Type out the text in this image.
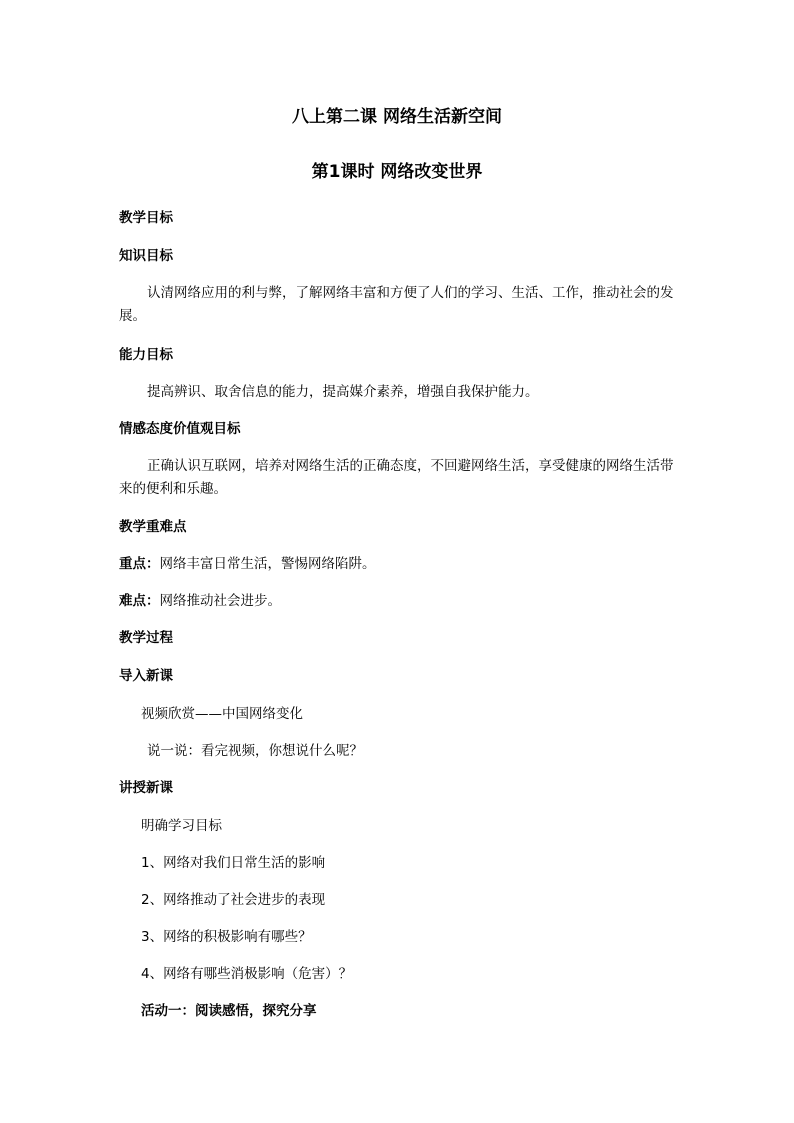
八上第二课 网络生活新空间
第1课时 网络改变世界
教学目标
知识目标
认清网络应用的利与弊，了解网络丰富和方便了人们的学习、生活、工作，推动社会的发展。
能力目标
提高辨识、取舍信息的能力，提高媒介素养，增强自我保护能力。
情感态度价值观目标
正确认识互联网，培养对网络生活的正确态度，不回避网络生活，享受健康的网络生活带来的便利和乐趣。
教学重难点
重点：网络丰富日常生活，警惕网络陷阱。
难点：网络推动社会进步。
教学过程
导入新课
视频欣赏——中国网络变化
说一说：看完视频，你想说什么呢？
讲授新课
明确学习目标
1、网络对我们日常生活的影响
2、网络推动了社会进步的表现
3、网络的积极影响有哪些？
4、网络有哪些消极影响（危害）？
活动一：阅读感悟，探究分享
